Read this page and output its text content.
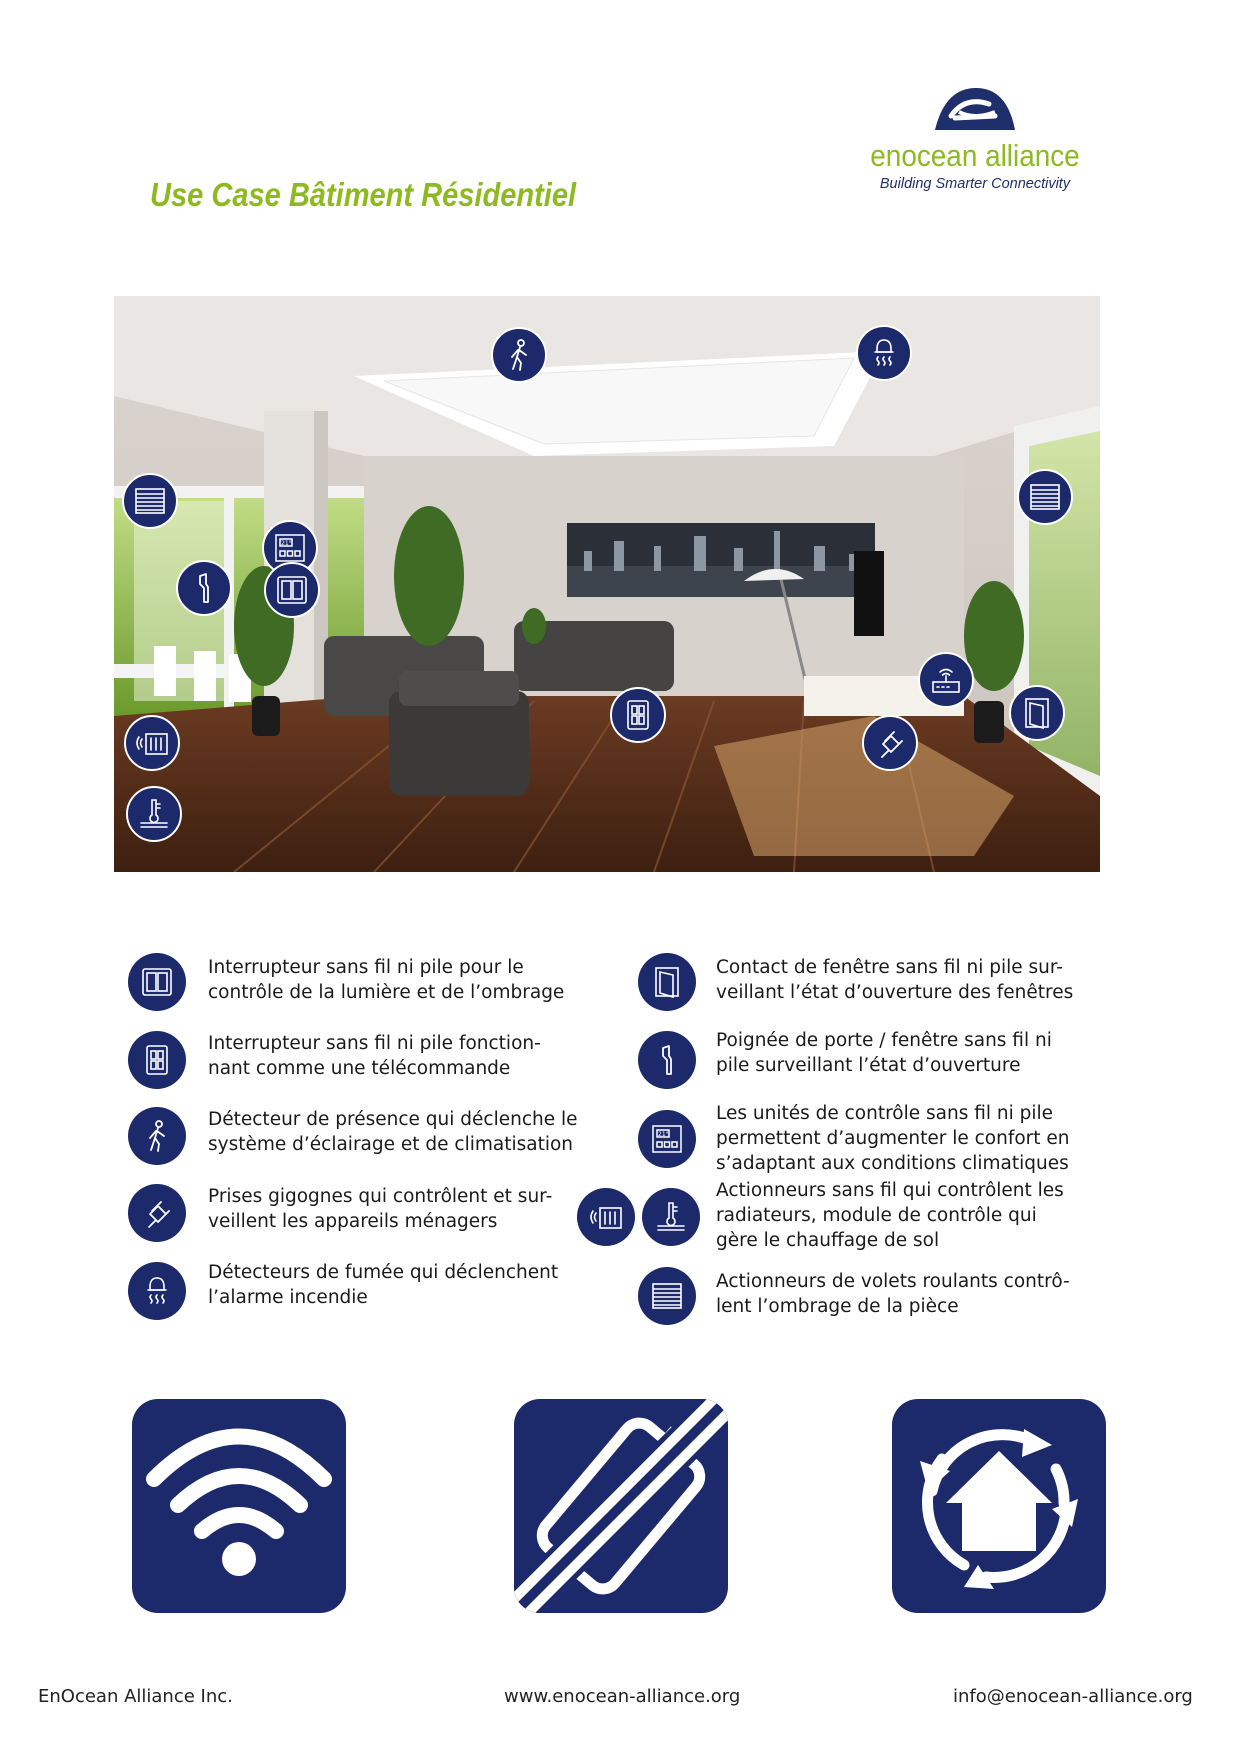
Use Case Bâtiment Résidentiel
enocean alliance
Building Smarter Connectivity
21°
Interrupteur sans fil ni pile pour le
contrôle de la lumière et de l’ombrage
Interrupteur sans fil ni pile fonction-
nant comme une télécommande
Détecteur de présence qui déclenche le
système d’éclairage et de climatisation
Prises gigognes qui contrôlent et sur-
veillent les appareils ménagers
Détecteurs de fumée qui déclenchent
l’alarme incendie
Contact de fenêtre sans fil ni pile sur-
veillant l’état d’ouverture des fenêtres
Poignée de porte / fenêtre sans fil ni
pile surveillant l’état d’ouverture
21°
Les unités de contrôle sans fil ni pile
permettent d’augmenter le confort en
s’adaptant aux conditions climatiques
Actionneurs sans fil qui contrôlent les
radiateurs, module de contrôle qui
gère le chauffage de sol
Actionneurs de volets roulants contrô-
lent l’ombrage de la pièce
EnOcean Alliance Inc.	www.enocean-alliance.org	info@enocean-alliance.org
